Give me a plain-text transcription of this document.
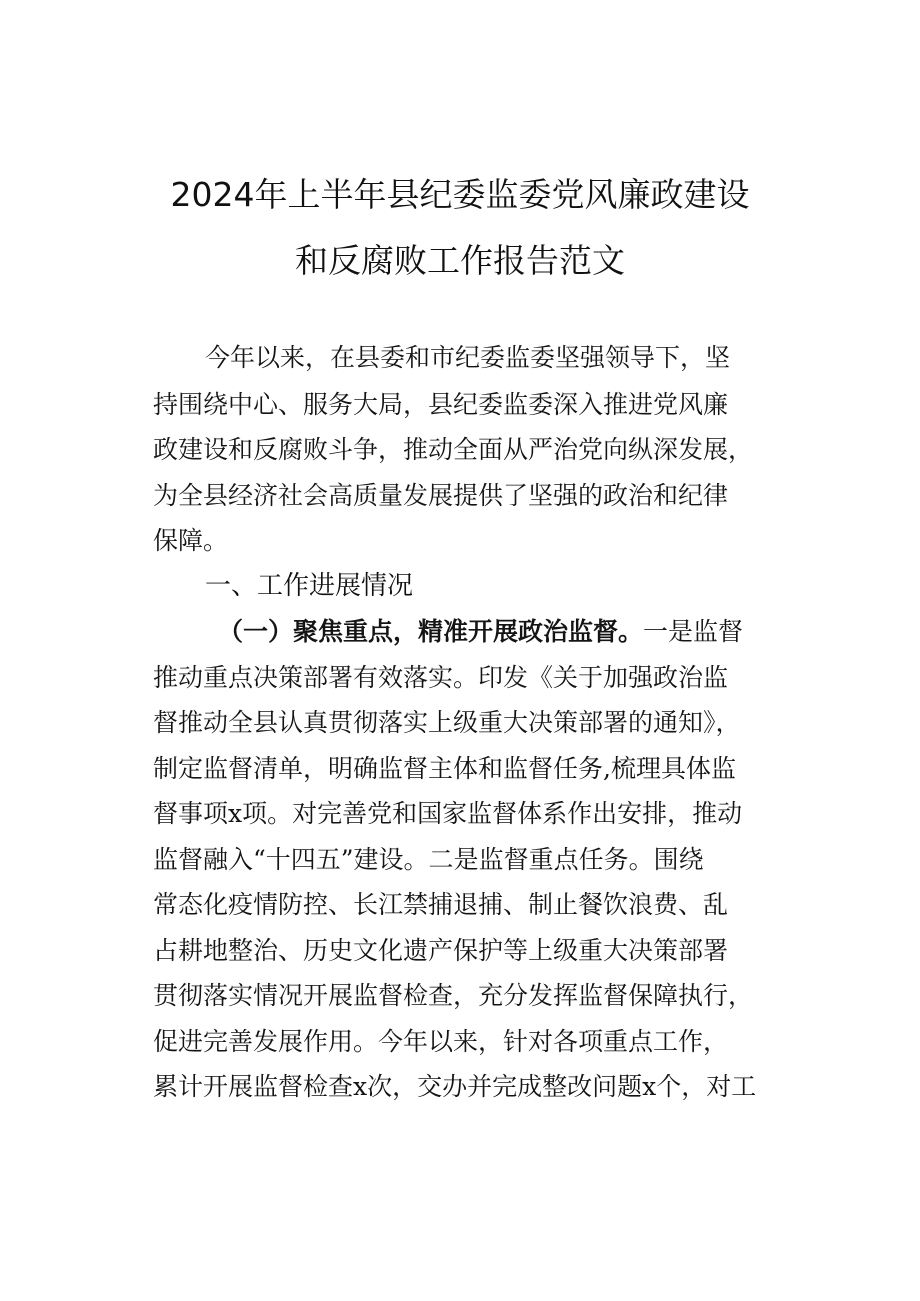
2024年上半年县纪委监委党风廉政建设
和反腐败工作报告范文
今年以来，在县委和市纪委监委坚强领导下，坚
持围绕中心、服务大局，县纪委监委深入推进党风廉
政建设和反腐败斗争，推动全面从严治党向纵深发展，
为全县经济社会高质量发展提供了坚强的政治和纪律
保障。
一、工作进展情况
（一）聚焦重点，精准开展政治监督。一是监督
推动重点决策部署有效落实。印发《关于加强政治监
督推动全县认真贯彻落实上级重大决策部署的通知》，
制定监督清单，明确监督主体和监督任务,梳理具体监
督事项x项。对完善党和国家监督体系作出安排，推动
监督融入“十四五”建设。二是监督重点任务。围绕
常态化疫情防控、长江禁捕退捕、制止餐饮浪费、乱
占耕地整治、历史文化遗产保护等上级重大决策部署
贯彻落实情况开展监督检查，充分发挥监督保障执行，
促进完善发展作用。今年以来，针对各项重点工作，
累计开展监督检查x次，交办并完成整改问题x个，对工
